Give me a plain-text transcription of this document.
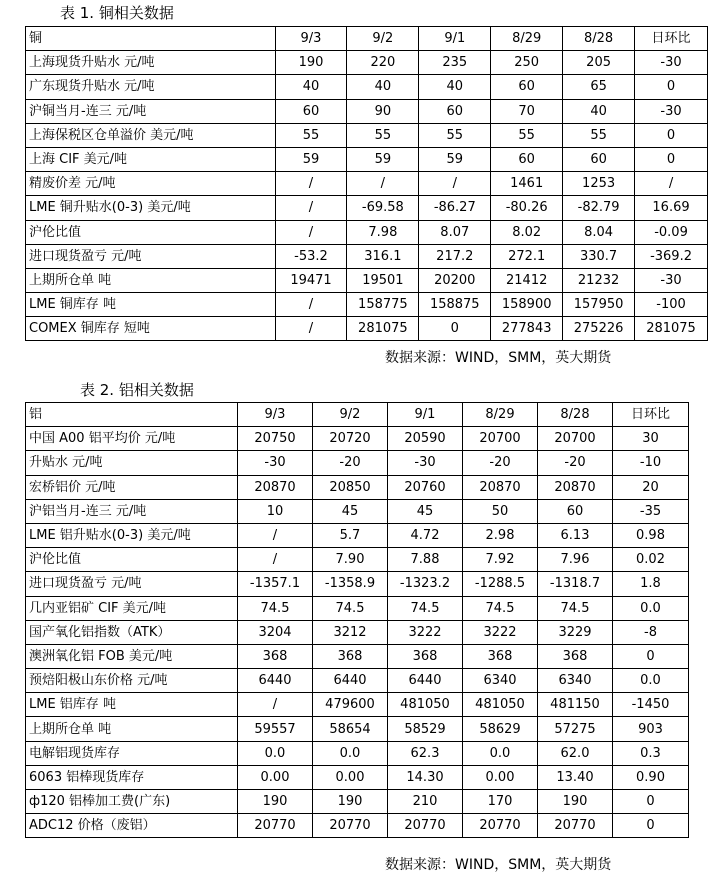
表 1. 铜相关数据
铜	9/3	9/2	9/1	8/29	8/28	日环比
上海现货升贴水 元/吨	190	220	235	250	205	-30
广东现货升贴水 元/吨	40	40	40	60	65	0
沪铜当月-连三 元/吨	60	90	60	70	40	-30
上海保税区仓单溢价 美元/吨	55	55	55	55	55	0
上海 CIF 美元/吨	59	59	59	60	60	0
精废价差 元/吨	/	/	/	1461	1253	/
LME 铜升贴水(0-3) 美元/吨	/	-69.58	-86.27	-80.26	-82.79	16.69
沪伦比值	/	7.98	8.07	8.02	8.04	-0.09
进口现货盈亏 元/吨	-53.2	316.1	217.2	272.1	330.7	-369.2
上期所仓单 吨	19471	19501	20200	21412	21232	-30
LME 铜库存 吨	/	158775	158875	158900	157950	-100
COMEX 铜库存 短吨	/	281075	0	277843	275226	281075
数据来源：WIND，SMM，英大期货
表 2. 铝相关数据
铝	9/3	9/2	9/1	8/29	8/28	日环比
中国 A00 铝平均价 元/吨	20750	20720	20590	20700	20700	30
升贴水 元/吨	-30	-20	-30	-20	-20	-10
宏桥铝价 元/吨	20870	20850	20760	20870	20870	20
沪铝当月-连三 元/吨	10	45	45	50	60	-35
LME 铝升贴水(0-3) 美元/吨	/	5.7	4.72	2.98	6.13	0.98
沪伦比值	/	7.90	7.88	7.92	7.96	0.02
进口现货盈亏 元/吨	-1357.1	-1358.9	-1323.2	-1288.5	-1318.7	1.8
几内亚铝矿 CIF 美元/吨	74.5	74.5	74.5	74.5	74.5	0.0
国产氧化铝指数（ATK）	3204	3212	3222	3222	3229	-8
澳洲氧化铝 FOB 美元/吨	368	368	368	368	368	0
预焙阳极山东价格 元/吨	6440	6440	6440	6340	6340	0.0
LME 铝库存 吨	/	479600	481050	481050	481150	-1450
上期所仓单 吨	59557	58654	58529	58629	57275	903
电解铝现货库存	0.0	0.0	62.3	0.0	62.0	0.3
6063 铝棒现货库存	0.00	0.00	14.30	0.00	13.40	0.90
ф120 铝棒加工费(广东)	190	190	210	170	190	0
ADC12 价格（废铝）	20770	20770	20770	20770	20770	0
数据来源：WIND，SMM，英大期货
